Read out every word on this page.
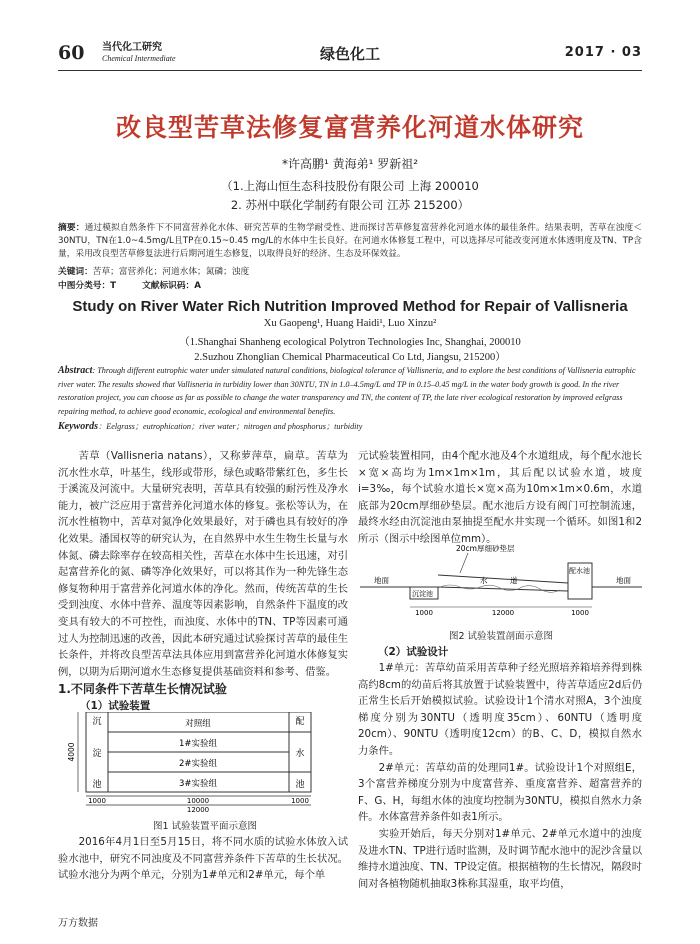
60 当代化工研究
Chemical Intermediate	绿色化工	2017 · 03
改良型苦草法修复富营养化河道水体研究
*许高鹏¹ 黄海弟¹ 罗新祖²
（1.上海山恒生态科技股份有限公司 上海 200010
2. 苏州中联化学制药有限公司 江苏 215200）
摘要：通过模拟自然条件下不同富营养化水体、研究苦草的生物学耐受性、进而探讨苦草修复富营养化河道水体的最佳条件。结果表明，苦草在浊度＜30NTU，TN在1.0~4.5mg/L且TP在0.15~0.45 mg/L的水体中生长良好。在河道水体修复工程中，可以选择尽可能改变河道水体透明度及TN、TP含量，采用改良型苦草修复法进行后期河道生态修复，以取得良好的经济、生态及环保效益。
关键词：苦草；富营养化；河道水体；氮磷；浊度
中图分类号：T	文献标识码：A
Study on River Water Rich Nutrition Improved Method for Repair of Vallisneria
Xu Gaopeng¹, Huang Haidi¹, Luo Xinzu²
（1.Shanghai Shanheng ecological Polytron Technologies Inc, Shanghai, 200010
2.Suzhou Zhonglian Chemical Pharmaceutical Co Ltd, Jiangsu, 215200）
Abstract: Through different eutrophic water under simulated natural conditions, biological tolerance of Vallisneria, and to explore the best conditions of Vallisneria eutrophic river water. The results showed that Vallisneria in turbidity lower than 30NTU, TN in 1.0–4.5mg/L and TP in 0.15–0.45 mg/L in the water body growth is good. In the river restoration project, you can choose as far as possible to change the water transparency and TN, the content of TP, the late river ecological restoration by improved eelgrass repairing method, to achieve good economic, ecological and environmental benefits.
Keywords：Eelgrass；eutrophication；river water；nitrogen and phosphorus；turbidity

苦草（Vallisneria natans），又称萝萍草，扁草。苦草为沉水性水草，叶基生，线形或带形，绿色或略带紫红色，多生长于溪流及河流中。大量研究表明，苦草具有较强的耐污性及净水能力，被广泛应用于富营养化河道水体的修复。张松等认为，在沉水性植物中，苦草对氮净化效果最好，对于磷也具有较好的净化效果。潘国权等的研究认为，在自然界中水生生物生长量与水体氮、磷去除率存在较高相关性，苦草在水体中生长迅速，对引起富营养化的氮、磷等净化效果好，可以将其作为一种先锋生态修复物种用于富营养化河道水体的净化。然而，传统苦草的生长受到浊度、水体中营养、温度等因素影响，自然条件下温度的改变具有较大的不可控性，而浊度、水体中的TN、TP等因素可通过人为控制迅速的改善，因此本研究通过试验探讨苦草的最佳生长条件，并将改良型苦草法具体应用到富营养化河道水体修复实例，以期为后期河道水生态修复提供基础资料和参考、借鉴。

1.不同条件下苦草生长情况试验
（1）试验装置
沉
淀
池
配
水
池
对照组
1#实验组
2#实验组
3#实验组
4000
1000	10000	1000
12000
图1 试验装置平面示意图

2016年4月1日至5月15日，将不同水质的试验水体放入试验水池中，研究不同浊度及不同富营养条件下苦草的生长状况。试验水池分为两个单元，分别为1#单元和2#单元，每个单

元试验装置相同，由4个配水池及4个水道组成，每个配水池长×宽×高均为1m×1m×1m，其后配以试验水道，坡度i=3‰，每个试验水道长×宽×高为10m×1m×0.6m，水道底部为20cm厚细砂垫层。配水池后方设有阀门可控制流速，最终水经由沉淀池由泵抽提至配水井实现一个循环。如图1和2所示（图示中绘图单位mm）。

20cm厚细砂垫层
地面	地面
沉淀池
水	道
配水池
1000	12000	1000
图2 试验装置剖面示意图
（2）试验设计

1#单元：苦草幼苗采用苦草种子经光照培养箱培养得到株高约8cm的幼苗后将其放置于试验装置中，待苦草适应2d后仍正常生长后开始模拟试验。试验设计1个清水对照A，3个浊度梯度分别为30NTU（透明度35cm）、60NTU（透明度20cm）、90NTU（透明度12cm）的B、C、D，模拟自然水力条件。

2#单元：苦草幼苗的处理同1#。试验设计1个对照组E，3个富营养梯度分别为中度富营养、重度富营养、超富营养的F、G、H，每组水体的浊度均控制为30NTU，模拟自然水力条件。水体富营养条件如表1所示。

实验开始后，每天分别对1#单元、2#单元水道中的浊度及进水TN、TP进行适时监测，及时调节配水池中的泥沙含量以维持水道浊度、TN、TP设定值。根据植物的生长情况，隔段时间对各植物随机抽取3株称其湿重，取平均值，

万方数据
